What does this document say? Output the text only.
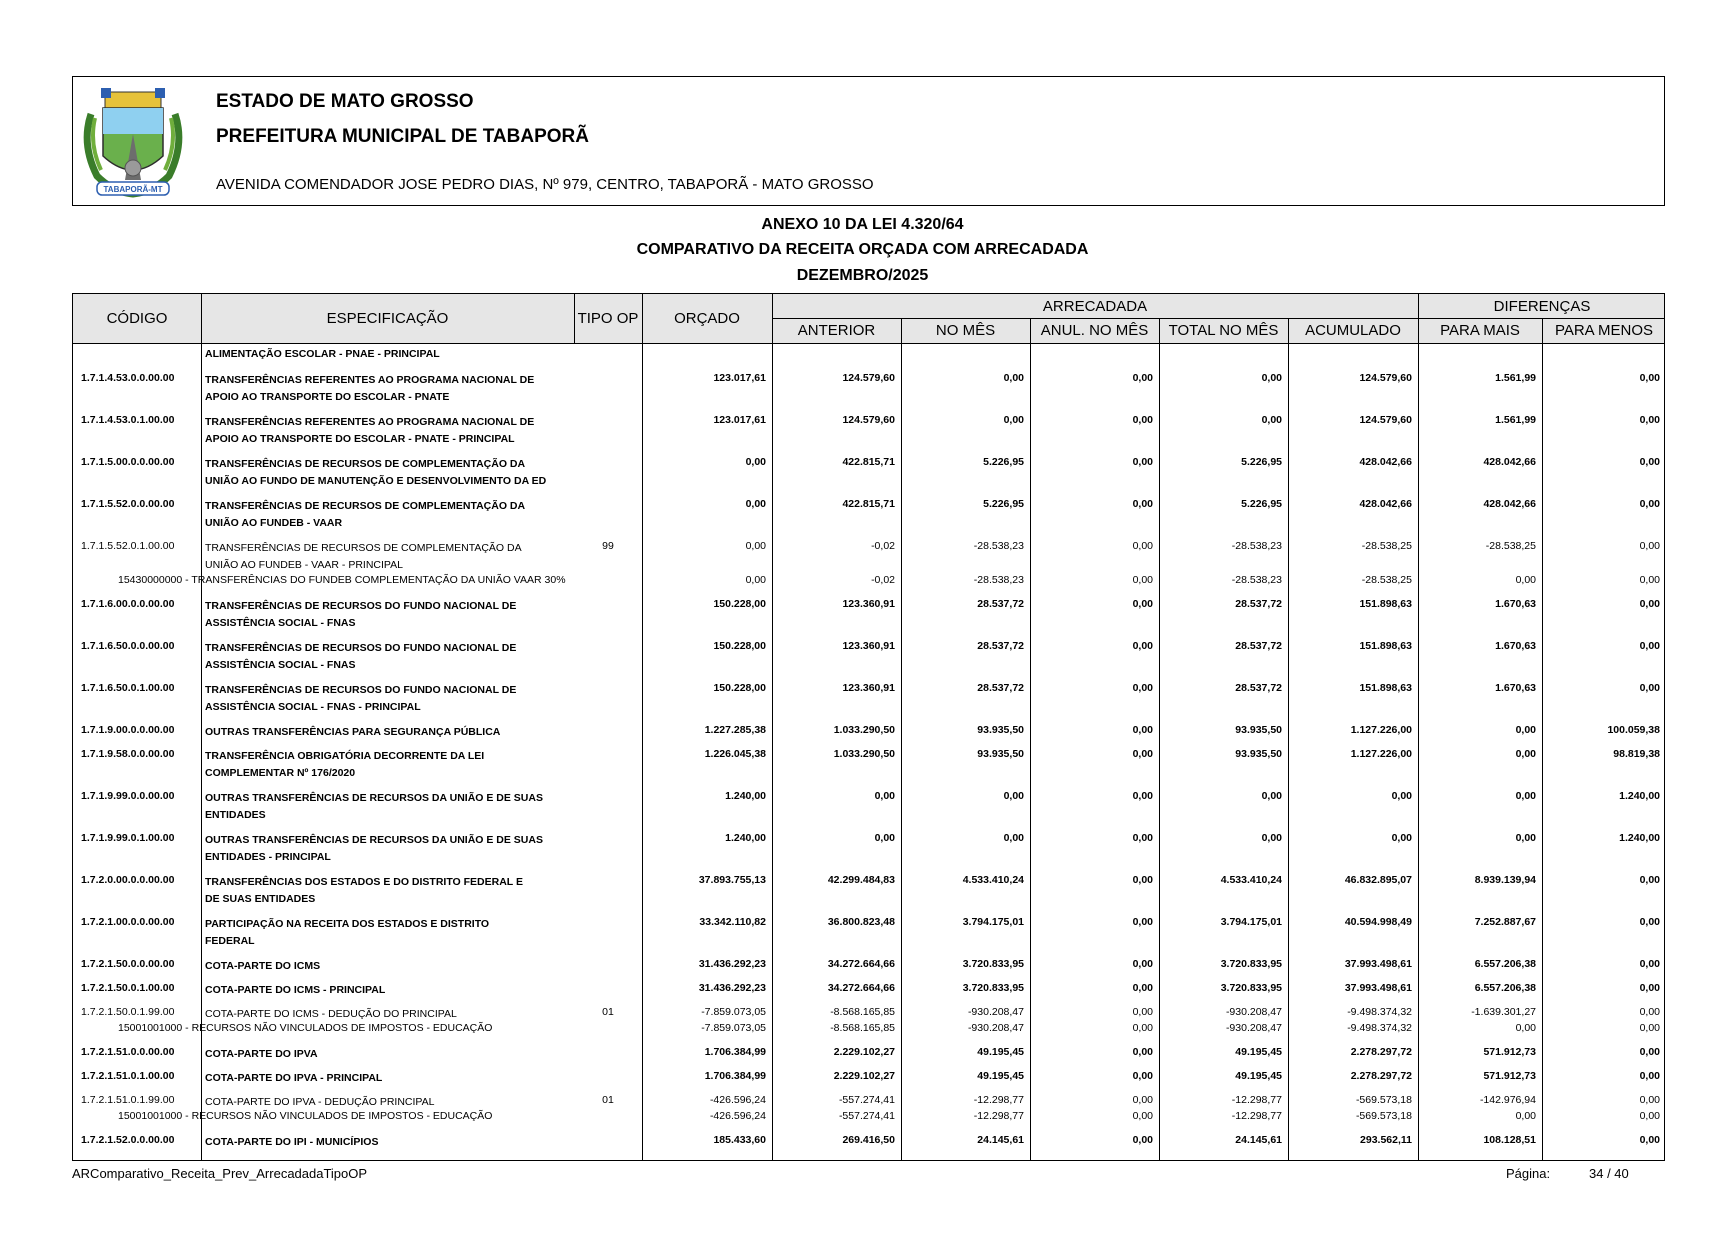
TABAPORÃ-MT
ESTADO DE MATO GROSSO
PREFEITURA MUNICIPAL DE TABAPORÃ
AVENIDA COMENDADOR JOSE PEDRO DIAS, Nº 979, CENTRO, TABAPORÃ - MATO GROSSO
ANEXO 10 DA LEI 4.320/64
COMPARATIVO DA RECEITA ORÇADA COM ARRECADADA
DEZEMBRO/2025
CÓDIGO	ESPECIFICAÇÃO	TIPO OP	ORÇADO
ARRECADADA
ANTERIOR	NO MÊS	ANUL. NO MÊS	TOTAL NO MÊS	ACUMULADO
DIFERENÇAS
PARA MAIS	PARA MENOS
ALIMENTAÇÃO ESCOLAR - PNAE - PRINCIPAL
1.7.1.4.53.0.0.00.00	TRANSFERÊNCIAS REFERENTES AO PROGRAMA NACIONAL DE
APOIO AO TRANSPORTE DO ESCOLAR - PNATE
123.017,61	124.579,60	0,00	0,00	0,00	124.579,60	1.561,99	0,00
1.7.1.4.53.0.1.00.00	TRANSFERÊNCIAS REFERENTES AO PROGRAMA NACIONAL DE
APOIO AO TRANSPORTE DO ESCOLAR - PNATE - PRINCIPAL
123.017,61	124.579,60	0,00	0,00	0,00	124.579,60	1.561,99	0,00
1.7.1.5.00.0.0.00.00	TRANSFERÊNCIAS DE RECURSOS DE COMPLEMENTAÇÃO DA
UNIÃO AO FUNDO DE MANUTENÇÃO E DESENVOLVIMENTO DA ED
0,00	422.815,71	5.226,95	0,00	5.226,95	428.042,66	428.042,66	0,00
1.7.1.5.52.0.0.00.00	TRANSFERÊNCIAS DE RECURSOS DE COMPLEMENTAÇÃO DA
UNIÃO AO FUNDEB - VAAR
0,00	422.815,71	5.226,95	0,00	5.226,95	428.042,66	428.042,66	0,00
1.7.1.5.52.0.1.00.00	TRANSFERÊNCIAS DE RECURSOS DE COMPLEMENTAÇÃO DA
UNIÃO AO FUNDEB - VAAR - PRINCIPAL
99	0,00	-0,02	-28.538,23	0,00	-28.538,23	-28.538,25	-28.538,25	0,00
15430000000 - TRANSFERÊNCIAS DO FUNDEB COMPLEMENTAÇÃO DA UNIÃO VAAR 30%	0,00	-0,02	-28.538,23	0,00	-28.538,23	-28.538,25	0,00	0,00
1.7.1.6.00.0.0.00.00	TRANSFERÊNCIAS DE RECURSOS DO FUNDO NACIONAL DE
ASSISTÊNCIA SOCIAL - FNAS
150.228,00	123.360,91	28.537,72	0,00	28.537,72	151.898,63	1.670,63	0,00
1.7.1.6.50.0.0.00.00	TRANSFERÊNCIAS DE RECURSOS DO FUNDO NACIONAL DE
ASSISTÊNCIA SOCIAL - FNAS
150.228,00	123.360,91	28.537,72	0,00	28.537,72	151.898,63	1.670,63	0,00
1.7.1.6.50.0.1.00.00	TRANSFERÊNCIAS DE RECURSOS DO FUNDO NACIONAL DE
ASSISTÊNCIA SOCIAL - FNAS - PRINCIPAL
150.228,00	123.360,91	28.537,72	0,00	28.537,72	151.898,63	1.670,63	0,00
1.7.1.9.00.0.0.00.00	OUTRAS TRANSFERÊNCIAS PARA SEGURANÇA PÚBLICA	1.227.285,38	1.033.290,50	93.935,50	0,00	93.935,50	1.127.226,00	0,00	100.059,38
1.7.1.9.58.0.0.00.00	TRANSFERÊNCIA OBRIGATÓRIA DECORRENTE DA LEI
COMPLEMENTAR Nº 176/2020
1.226.045,38	1.033.290,50	93.935,50	0,00	93.935,50	1.127.226,00	0,00	98.819,38
1.7.1.9.99.0.0.00.00	OUTRAS TRANSFERÊNCIAS DE RECURSOS DA UNIÃO E DE SUAS
ENTIDADES
1.240,00	0,00	0,00	0,00	0,00	0,00	0,00	1.240,00
1.7.1.9.99.0.1.00.00	OUTRAS TRANSFERÊNCIAS DE RECURSOS DA UNIÃO E DE SUAS
ENTIDADES - PRINCIPAL
1.240,00	0,00	0,00	0,00	0,00	0,00	0,00	1.240,00
1.7.2.0.00.0.0.00.00	TRANSFERÊNCIAS DOS ESTADOS E DO DISTRITO FEDERAL E
DE SUAS ENTIDADES
37.893.755,13	42.299.484,83	4.533.410,24	0,00	4.533.410,24	46.832.895,07	8.939.139,94	0,00
1.7.2.1.00.0.0.00.00	PARTICIPAÇÃO NA RECEITA DOS ESTADOS E DISTRITO
FEDERAL
33.342.110,82	36.800.823,48	3.794.175,01	0,00	3.794.175,01	40.594.998,49	7.252.887,67	0,00
1.7.2.1.50.0.0.00.00	COTA-PARTE DO ICMS	31.436.292,23	34.272.664,66	3.720.833,95	0,00	3.720.833,95	37.993.498,61	6.557.206,38	0,00
1.7.2.1.50.0.1.00.00	COTA-PARTE DO ICMS - PRINCIPAL	31.436.292,23	34.272.664,66	3.720.833,95	0,00	3.720.833,95	37.993.498,61	6.557.206,38	0,00
1.7.2.1.50.0.1.99.00	COTA-PARTE DO ICMS - DEDUÇÃO DO PRINCIPAL	01	-7.859.073,05	-8.568.165,85	-930.208,47	0,00	-930.208,47	-9.498.374,32	-1.639.301,27	0,00
15001001000 - RECURSOS NÃO VINCULADOS DE IMPOSTOS - EDUCAÇÃO	-7.859.073,05	-8.568.165,85	-930.208,47	0,00	-930.208,47	-9.498.374,32	0,00	0,00
1.7.2.1.51.0.0.00.00	COTA-PARTE DO IPVA	1.706.384,99	2.229.102,27	49.195,45	0,00	49.195,45	2.278.297,72	571.912,73	0,00
1.7.2.1.51.0.1.00.00	COTA-PARTE DO IPVA - PRINCIPAL	1.706.384,99	2.229.102,27	49.195,45	0,00	49.195,45	2.278.297,72	571.912,73	0,00
1.7.2.1.51.0.1.99.00	COTA-PARTE DO IPVA - DEDUÇÃO PRINCIPAL	01	-426.596,24	-557.274,41	-12.298,77	0,00	-12.298,77	-569.573,18	-142.976,94	0,00
15001001000 - RECURSOS NÃO VINCULADOS DE IMPOSTOS - EDUCAÇÃO	-426.596,24	-557.274,41	-12.298,77	0,00	-12.298,77	-569.573,18	0,00	0,00
1.7.2.1.52.0.0.00.00	COTA-PARTE DO IPI - MUNICÍPIOS	185.433,60	269.416,50	24.145,61	0,00	24.145,61	293.562,11	108.128,51	0,00
ARComparativo_Receita_Prev_ArrecadadaTipoOP	Página:	34 / 40
